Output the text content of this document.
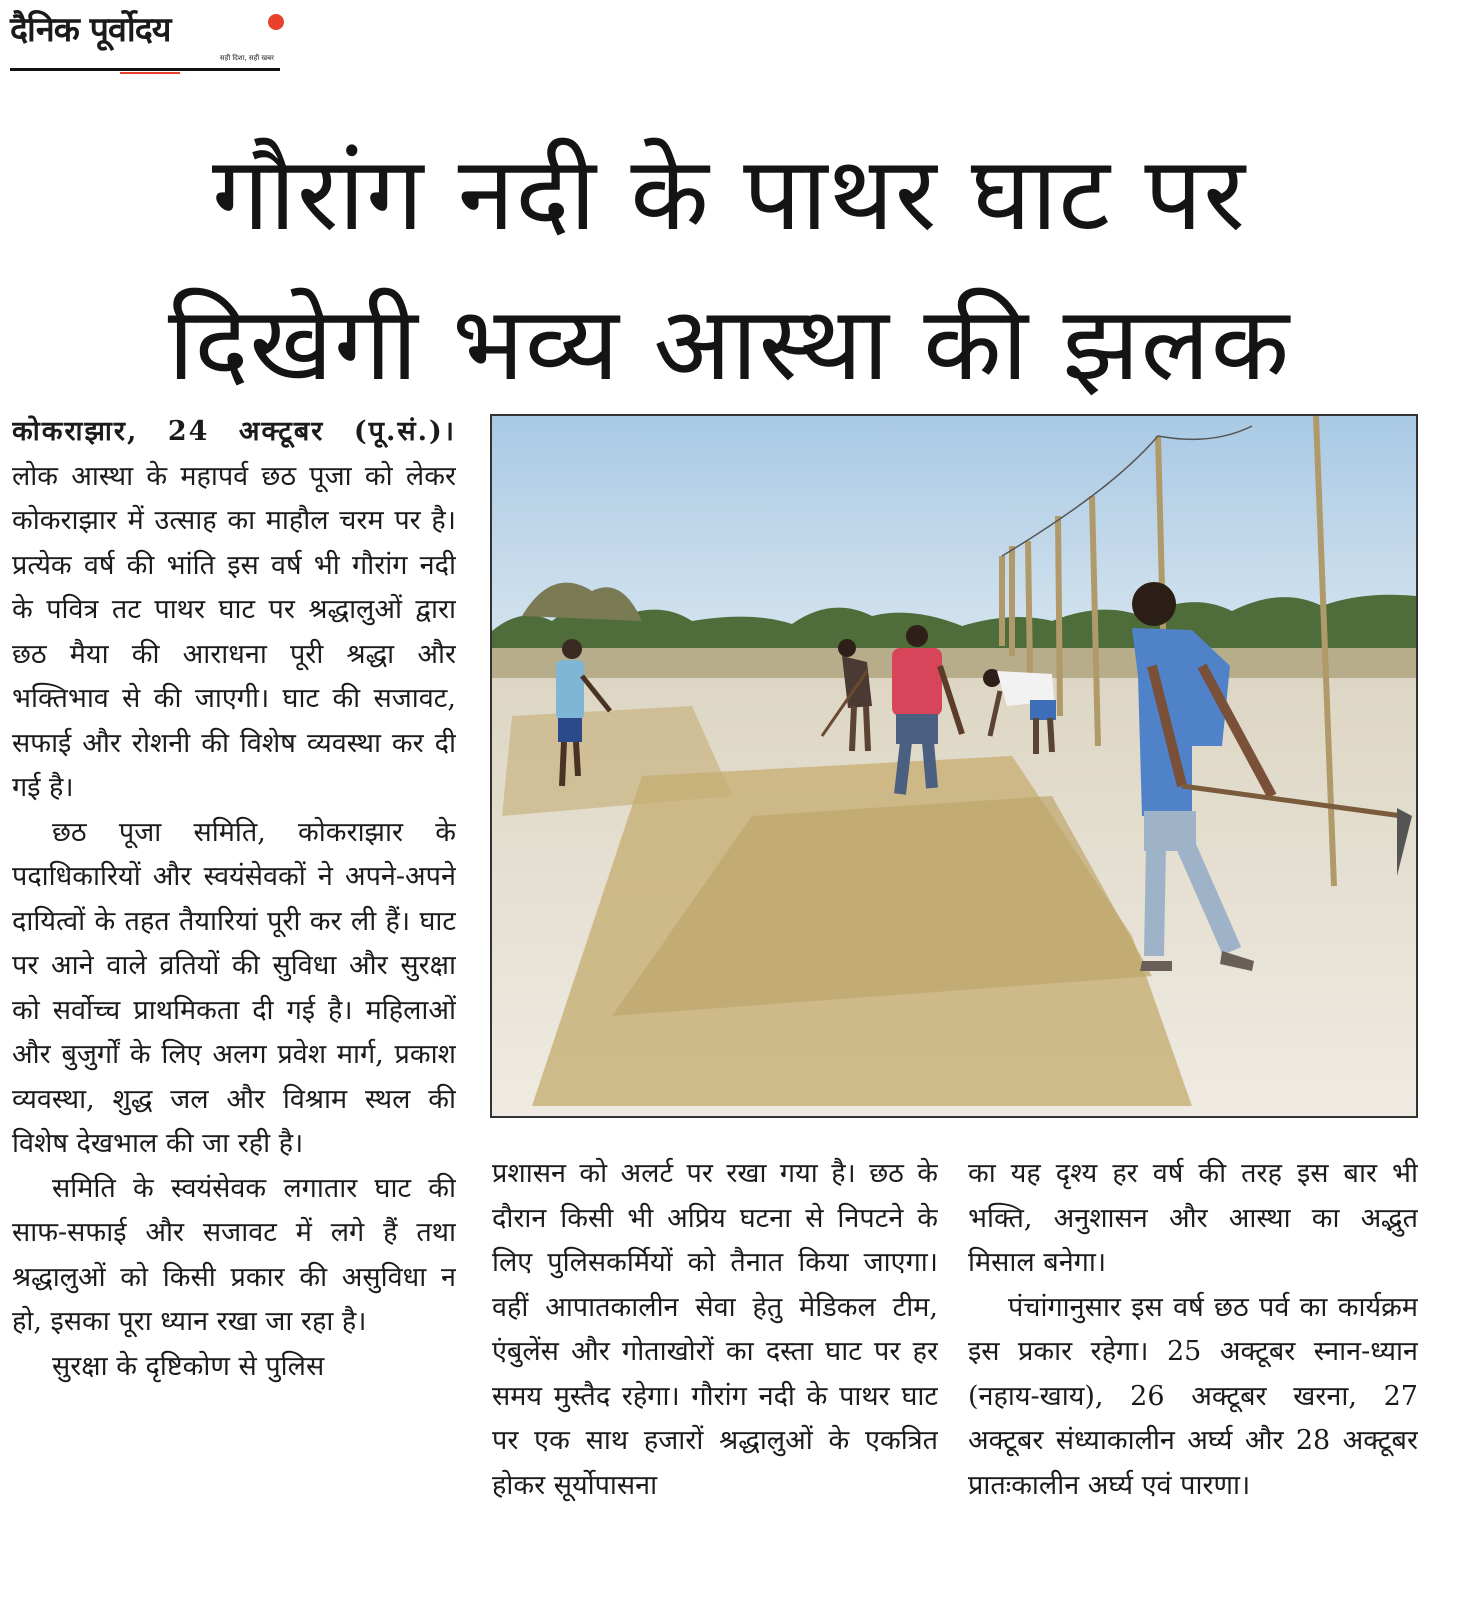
दैनिक पूर्वोदय
सही दिशा, सही खबर
गौरांग नदी के पाथर घाट पर
दिखेगी भव्य आस्था की झलक

कोकराझार, 24 अक्टूबर (पू.सं.)। लोक आस्था के महापर्व छठ पूजा को लेकर कोकराझार में उत्साह का माहौल चरम पर है। प्रत्येक वर्ष की भांति इस वर्ष भी गौरांग नदी के पवित्र तट पाथर घाट पर श्रद्धालुओं द्वारा छठ मैया की आराधना पूरी श्रद्धा और भक्तिभाव से की जाएगी। घाट की सजावट, सफाई और रोशनी की विशेष व्यवस्था कर दी गई है।

छठ पूजा समिति, कोकराझार के पदाधिकारियों और स्वयंसेवकों ने अपने-अपने दायित्वों के तहत तैयारियां पूरी कर ली हैं। घाट पर आने वाले व्रतियों की सुविधा और सुरक्षा को सर्वोच्च प्राथमिकता दी गई है। महिलाओं और बुजुर्गों के लिए अलग प्रवेश मार्ग, प्रकाश व्यवस्था, शुद्ध जल और विश्राम स्थल की विशेष देखभाल की जा रही है।

समिति के स्वयंसेवक लगातार घाट की साफ-सफाई और सजावट में लगे हैं तथा श्रद्धालुओं को किसी प्रकार की असुविधा न हो, इसका पूरा ध्यान रखा जा रहा है।

सुरक्षा के दृष्टिकोण से पुलिस

प्रशासन को अलर्ट पर रखा गया है। छठ के दौरान किसी भी अप्रिय घटना से निपटने के लिए पुलिसकर्मियों को तैनात किया जाएगा। वहीं आपातकालीन सेवा हेतु मेडिकल टीम, एंबुलेंस और गोताखोरों का दस्ता घाट पर हर समय मुस्तैद रहेगा। गौरांग नदी के पाथर घाट पर एक साथ हजारों श्रद्धालुओं के एकत्रित होकर सूर्योपासना

का यह दृश्य हर वर्ष की तरह इस बार भी भक्ति, अनुशासन और आस्था का अद्भुत मिसाल बनेगा।

पंचांगानुसार इस वर्ष छठ पर्व का कार्यक्रम इस प्रकार रहेगा। 25 अक्टूबर स्नान-ध्यान (नहाय-खाय), 26 अक्टूबर खरना, 27 अक्टूबर संध्याकालीन अर्घ्य और 28 अक्टूबर प्रातःकालीन अर्घ्य एवं पारणा।
